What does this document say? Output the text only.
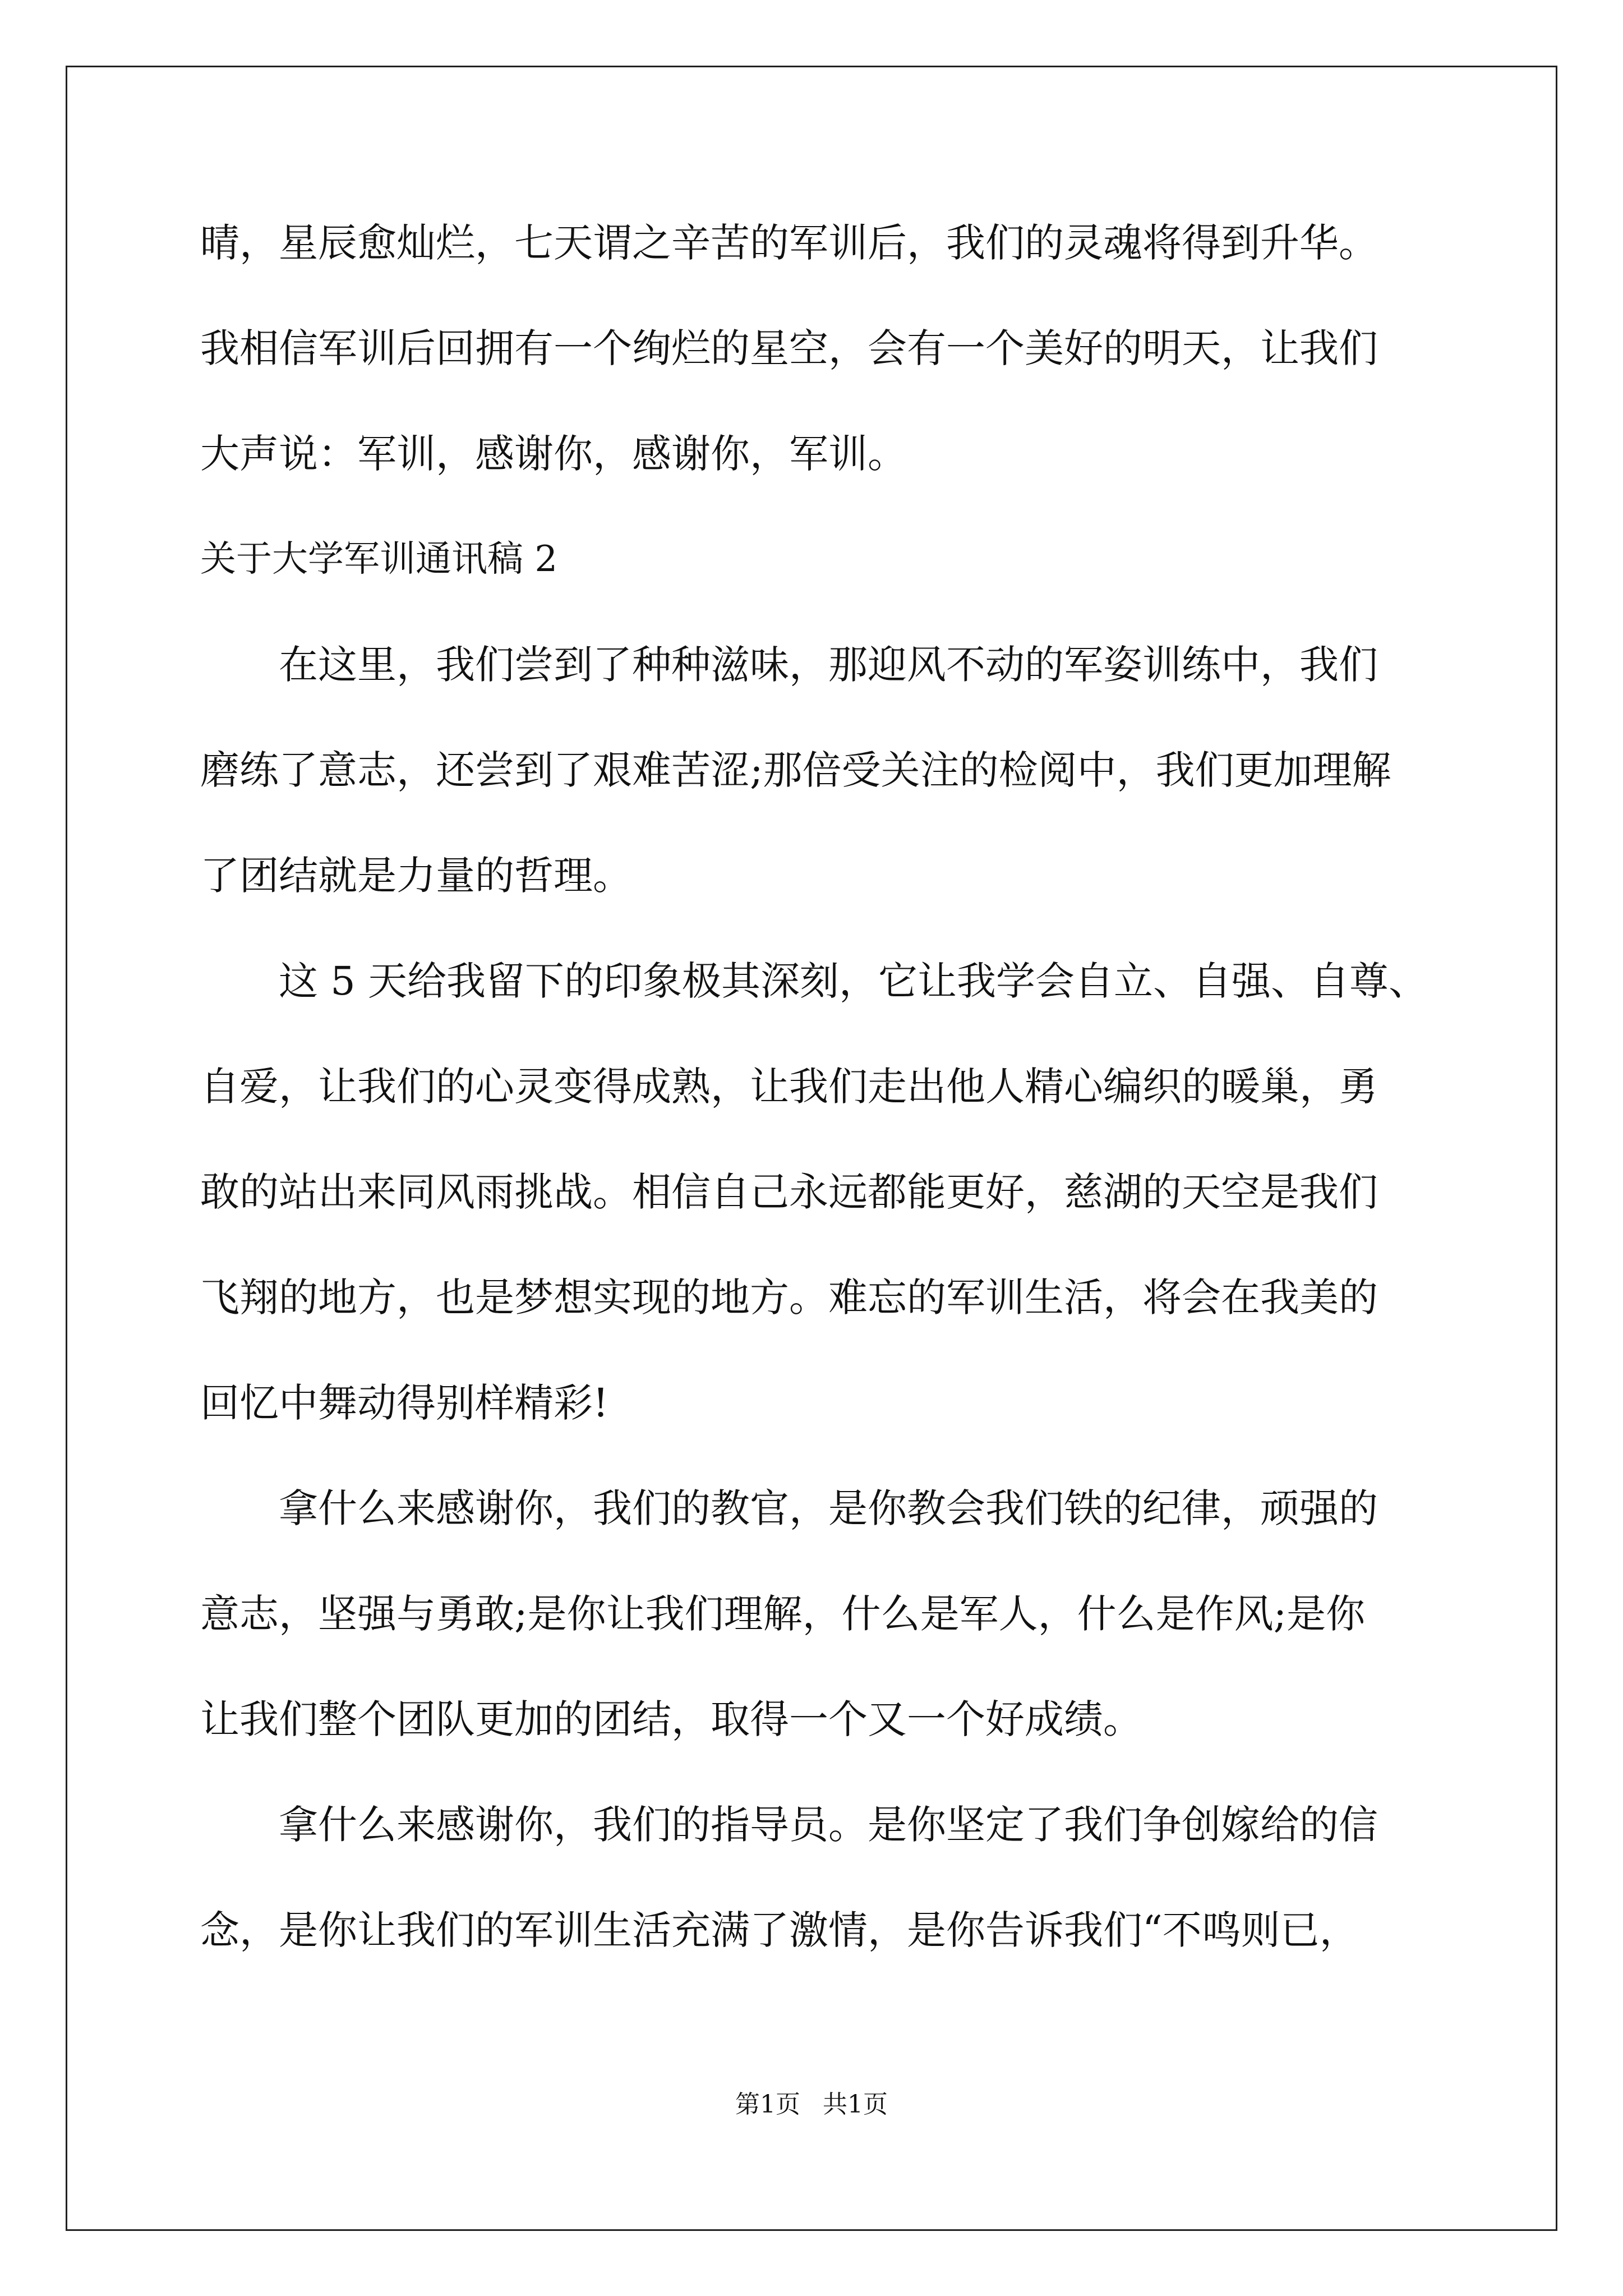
晴，星辰愈灿烂，七天谓之辛苦的军训后，我们的灵魂将得到升华。
我相信军训后回拥有一个绚烂的星空，会有一个美好的明天，让我们
大声说：军训，感谢你，感谢你，军训。
关于大学军训通讯稿 2
在这里，我们尝到了种种滋味，那迎风不动的军姿训练中，我们
磨练了意志，还尝到了艰难苦涩;那倍受关注的检阅中，我们更加理解
了团结就是力量的哲理。
这 5 天给我留下的印象极其深刻，它让我学会自立、自强、自尊、
自爱，让我们的心灵变得成熟，让我们走出他人精心编织的暖巢，勇
敢的站出来同风雨挑战。相信自己永远都能更好，慈湖的天空是我们
飞翔的地方，也是梦想实现的地方。难忘的军训生活，将会在我美的
回忆中舞动得别样精彩!
拿什么来感谢你，我们的教官，是你教会我们铁的纪律，顽强的
意志，坚强与勇敢;是你让我们理解，什么是军人，什么是作风;是你
让我们整个团队更加的团结，取得一个又一个好成绩。
拿什么来感谢你，我们的指导员。是你坚定了我们争创嫁给的信
念，是你让我们的军训生活充满了激情，是你告诉我们“不鸣则已，
第1页 共1页
